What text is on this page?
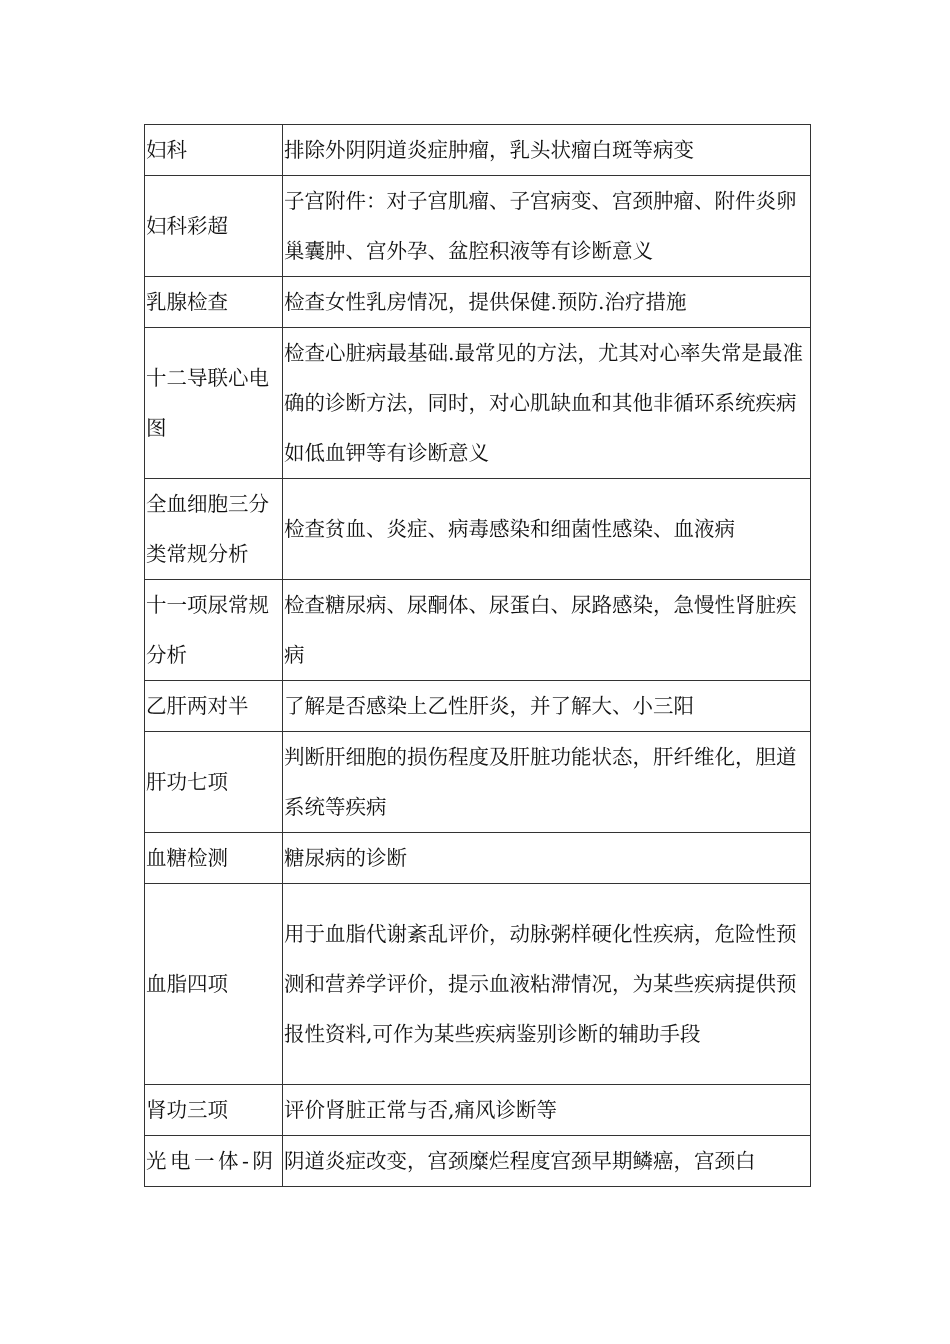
妇科	排除外阴阴道炎症肿瘤，乳头状瘤白斑等病变
妇科彩超	子宫附件：对子宫肌瘤、子宫病变、宫颈肿瘤、附件炎卵巢囊肿、宫外孕、盆腔积液等有诊断意义
乳腺检查	检查女性乳房情况，提供保健.预防.治疗措施
十二导联心电图	检查心脏病最基础.最常见的方法，尤其对心率失常是最准确的诊断方法，同时，对心肌缺血和其他非循环系统疾病如低血钾等有诊断意义
全血细胞三分类常规分析	检查贫血、炎症、病毒感染和细菌性感染、血液病
十一项尿常规分析	检查糖尿病、尿酮体、尿蛋白、尿路感染，急慢性肾脏疾病
乙肝两对半	了解是否感染上乙性肝炎，并了解大、小三阳
肝功七项	判断肝细胞的损伤程度及肝脏功能状态，肝纤维化，胆道系统等疾病
血糖检测	糖尿病的诊断
血脂四项	用于血脂代谢紊乱评价，动脉粥样硬化性疾病，危险性预测和营养学评价，提示血液粘滞情况，为某些疾病提供预报性资料,可作为某些疾病鉴别诊断的辅助手段
肾功三项	评价肾脏正常与否,痛风诊断等
光电一体-阴	阴道炎症改变，宫颈糜烂程度宫颈早期鳞癌，宫颈白
